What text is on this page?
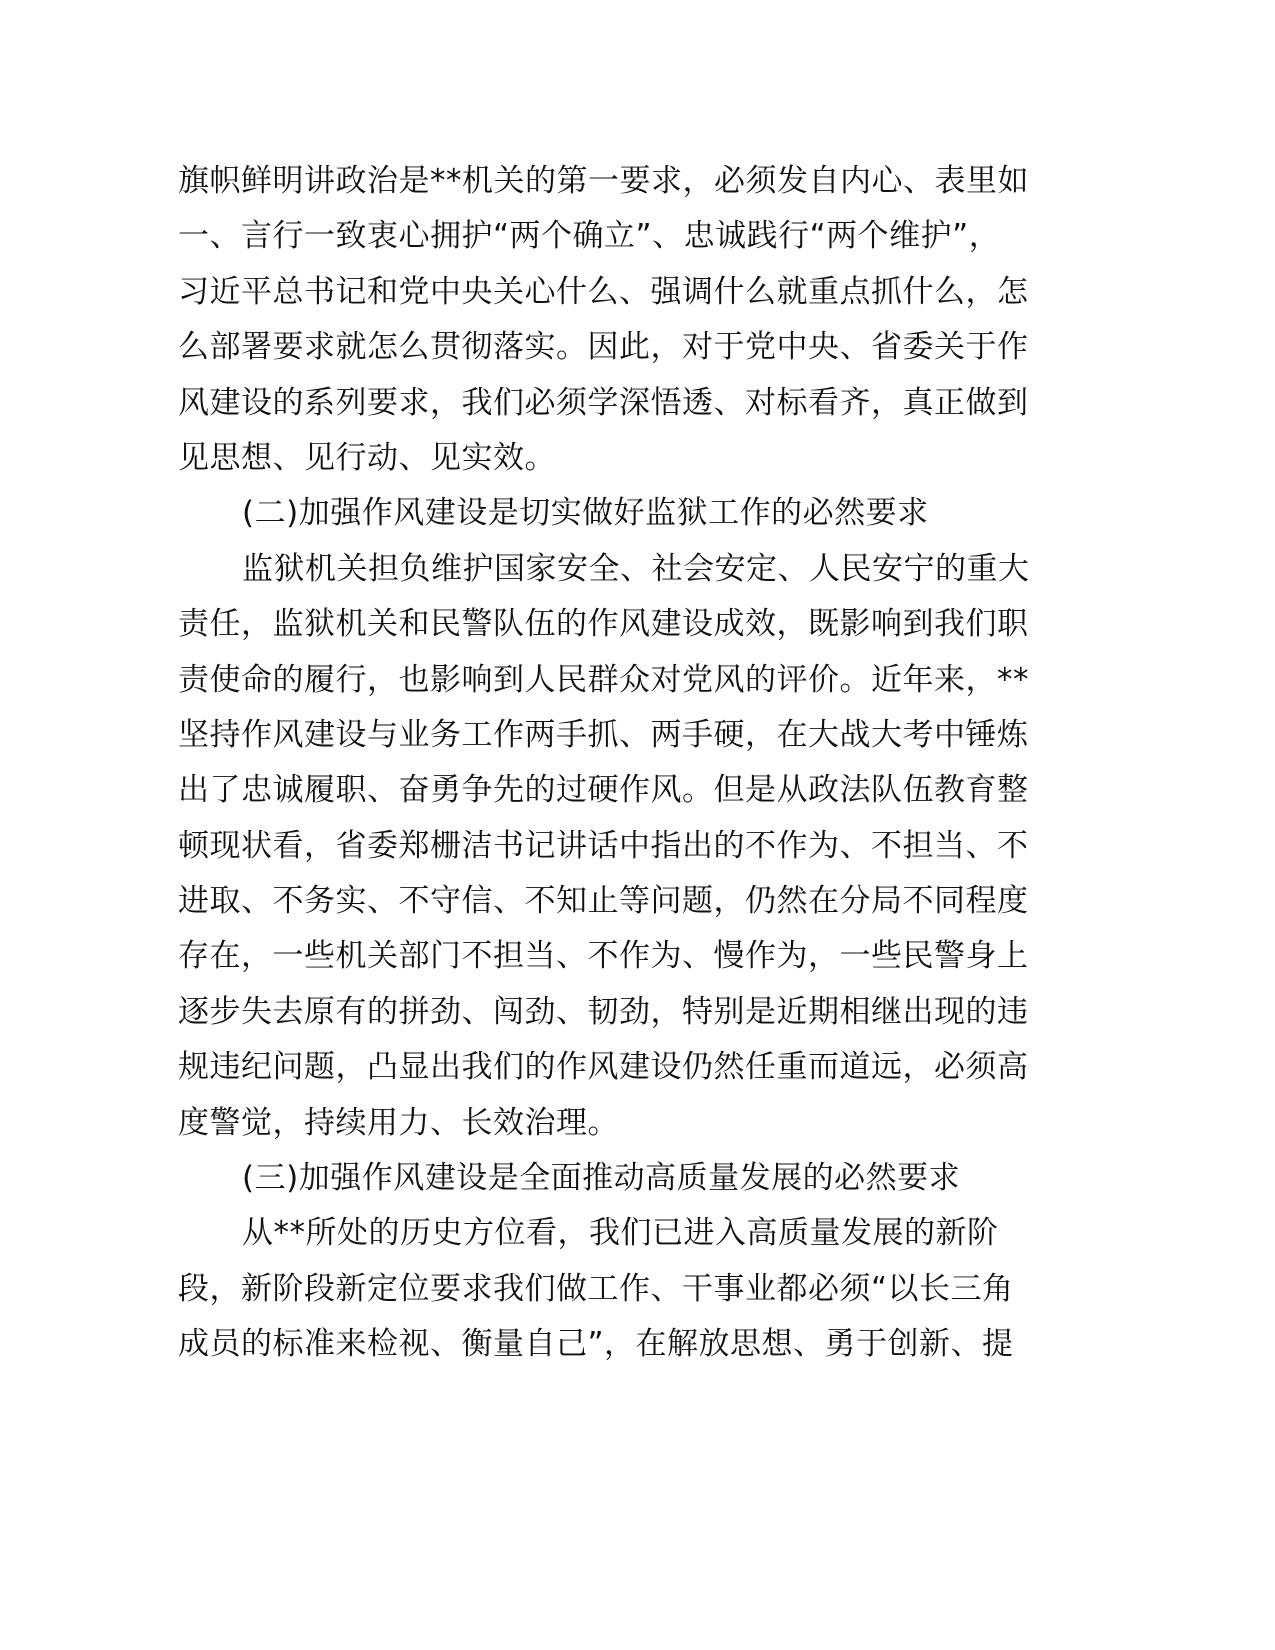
旗帜鲜明讲政治是**机关的第一要求，必须发自内心、表里如
一、言行一致衷心拥护“两个确立”、忠诚践行“两个维护”，
习近平总书记和党中央关心什么、强调什么就重点抓什么，怎
么部署要求就怎么贯彻落实。因此，对于党中央、省委关于作
风建设的系列要求，我们必须学深悟透、对标看齐，真正做到
见思想、见行动、见实效。
(二)加强作风建设是切实做好监狱工作的必然要求
监狱机关担负维护国家安全、社会安定、人民安宁的重大
责任，监狱机关和民警队伍的作风建设成效，既影响到我们职
责使命的履行，也影响到人民群众对党风的评价。近年来，**
坚持作风建设与业务工作两手抓、两手硬，在大战大考中锤炼
出了忠诚履职、奋勇争先的过硬作风。但是从政法队伍教育整
顿现状看，省委郑栅洁书记讲话中指出的不作为、不担当、不
进取、不务实、不守信、不知止等问题，仍然在分局不同程度
存在，一些机关部门不担当、不作为、慢作为，一些民警身上
逐步失去原有的拼劲、闯劲、韧劲，特别是近期相继出现的违
规违纪问题，凸显出我们的作风建设仍然任重而道远，必须高
度警觉，持续用力、长效治理。
(三)加强作风建设是全面推动高质量发展的必然要求
从**所处的历史方位看，我们已进入高质量发展的新阶
段，新阶段新定位要求我们做工作、干事业都必须“以长三角
成员的标准来检视、衡量自己”，在解放思想、勇于创新、提
